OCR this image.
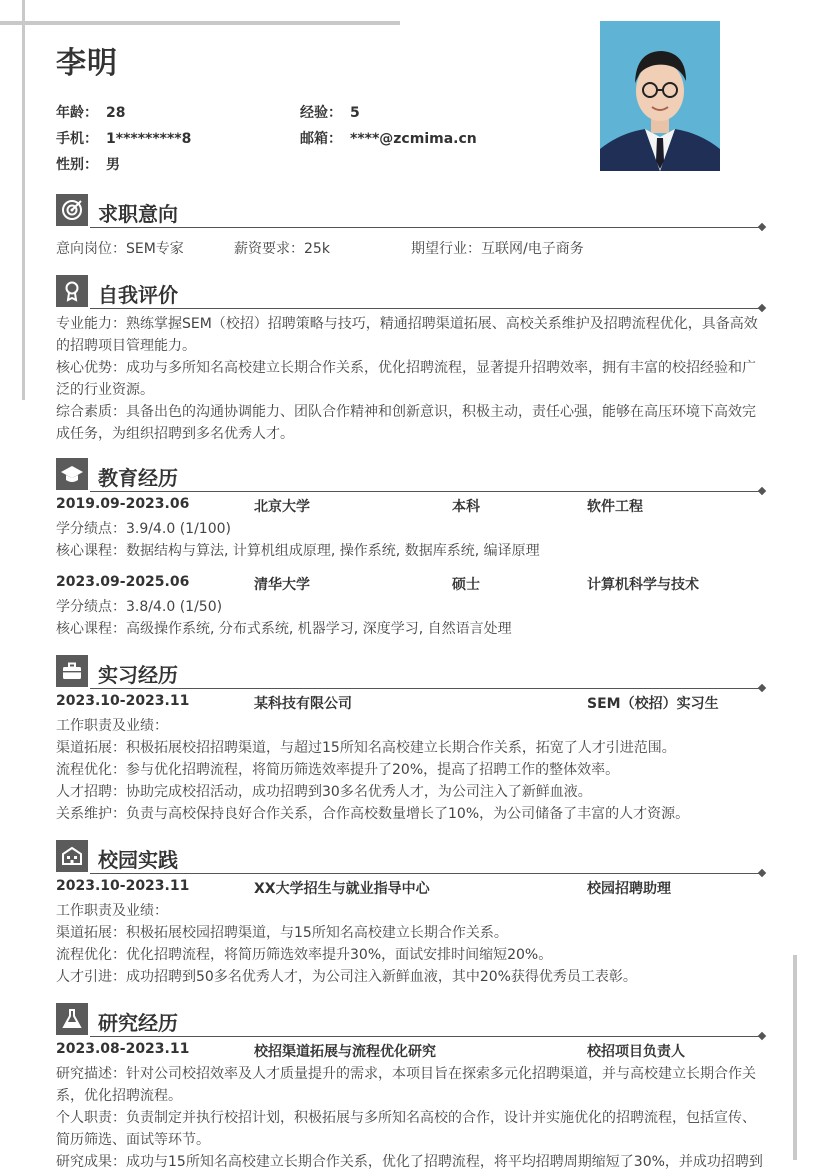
李明
年龄： 28	经验： 5
手机： 1*********8	邮箱： ****@zcmima.cn
性别： 男
求职意向
意向岗位：SEM专家	薪资要求：25k	期望行业：互联网/电子商务
自我评价
专业能力：熟练掌握SEM（校招）招聘策略与技巧，精通招聘渠道拓展、高校关系维护及招聘流程优化，具备高效
的招聘项目管理能力。
核心优势：成功与多所知名高校建立长期合作关系，优化招聘流程，显著提升招聘效率，拥有丰富的校招经验和广
泛的行业资源。
综合素质：具备出色的沟通协调能力、团队合作精神和创新意识，积极主动，责任心强，能够在高压环境下高效完
成任务，为组织招聘到多名优秀人才。
教育经历
2019.09-2023.06	北京大学	本科	软件工程
学分绩点：3.9/4.0 (1/100)
核心课程：数据结构与算法, 计算机组成原理, 操作系统, 数据库系统, 编译原理
2023.09-2025.06	清华大学	硕士	计算机科学与技术
学分绩点：3.8/4.0 (1/50)
核心课程：高级操作系统, 分布式系统, 机器学习, 深度学习, 自然语言处理
实习经历
2023.10-2023.11	某科技有限公司	SEM（校招）实习生
工作职责及业绩：
渠道拓展：积极拓展校招招聘渠道，与超过15所知名高校建立长期合作关系，拓宽了人才引进范围。
流程优化：参与优化招聘流程，将简历筛选效率提升了20%，提高了招聘工作的整体效率。
人才招聘：协助完成校招活动，成功招聘到30多名优秀人才，为公司注入了新鲜血液。
关系维护：负责与高校保持良好合作关系，合作高校数量增长了10%，为公司储备了丰富的人才资源。
校园实践
2023.10-2023.11	XX大学招生与就业指导中心	校园招聘助理
工作职责及业绩：
渠道拓展：积极拓展校园招聘渠道，与15所知名高校建立长期合作关系。
流程优化：优化招聘流程，将简历筛选效率提升30%，面试安排时间缩短20%。
人才引进：成功招聘到50多名优秀人才，为公司注入新鲜血液，其中20%获得优秀员工表彰。
研究经历
2023.08-2023.11	校招渠道拓展与流程优化研究	校招项目负责人
研究描述：针对公司校招效率及人才质量提升的需求，本项目旨在探索多元化招聘渠道，并与高校建立长期合作关
系，优化招聘流程。
个人职责：负责制定并执行校招计划，积极拓展与多所知名高校的合作，设计并实施优化的招聘流程，包括宣传、
简历筛选、面试等环节。
研究成果：成功与15所知名高校建立长期合作关系，优化了招聘流程，将平均招聘周期缩短了30%，并成功招聘到
